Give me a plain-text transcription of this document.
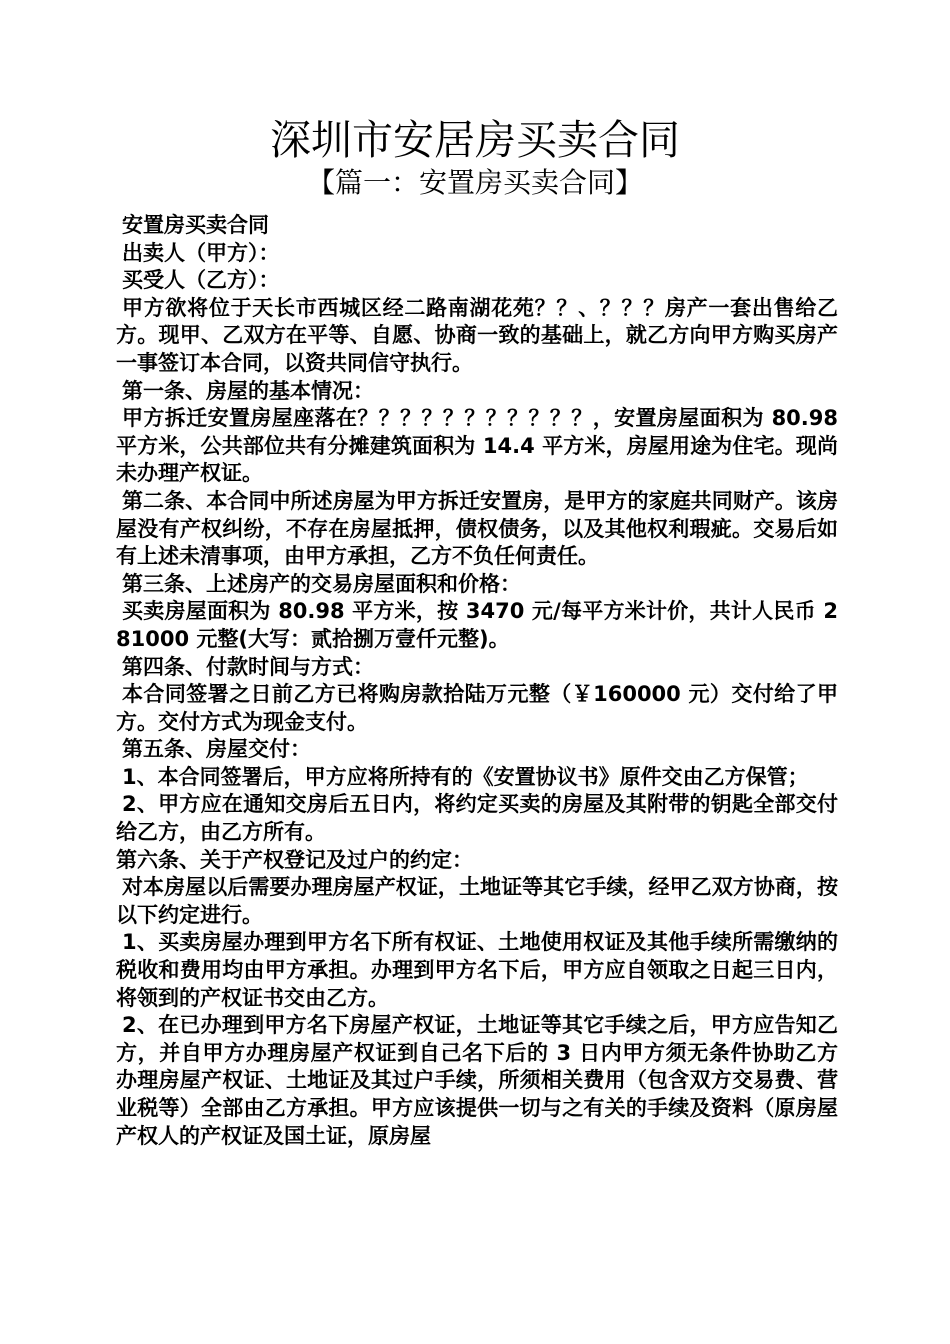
深圳市安居房买卖合同
【篇一：安置房买卖合同】

安置房买卖合同

出卖人（甲方）：

买受人（乙方）：

甲方欲将位于天长市西城区经二路南湖花苑？？、？？？房产一套出售给乙方。现甲、乙双方在平等、自愿、协商一致的基础上，就乙方向甲方购买房产一事签订本合同，以资共同信守执行。

第一条、房屋的基本情况：

甲方拆迁安置房屋座落在？？？？？？？？？？？，安置房屋面积为 80.98 平方米，公共部位共有分摊建筑面积为 14.4 平方米，房屋用途为住宅。现尚未办理产权证。

第二条、本合同中所述房屋为甲方拆迁安置房，是甲方的家庭共同财产。该房屋没有产权纠纷，不存在房屋抵押，债权债务，以及其他权利瑕疵。交易后如有上述未清事项，由甲方承担，乙方不负任何责任。

第三条、上述房产的交易房屋面积和价格：

买卖房屋面积为 80.98 平方米，按 3470 元/每平方米计价，共计人民币 281000 元整(大写：贰拾捌万壹仟元整)。

第四条、付款时间与方式：

本合同签署之日前乙方已将购房款拾陆万元整（￥160000 元）交付给了甲方。交付方式为现金支付。

第五条、房屋交付：

1、本合同签署后，甲方应将所持有的《安置协议书》原件交由乙方保管；

2、甲方应在通知交房后五日内，将约定买卖的房屋及其附带的钥匙全部交付给乙方，由乙方所有。

第六条、关于产权登记及过户的约定：

对本房屋以后需要办理房屋产权证，土地证等其它手续，经甲乙双方协商，按以下约定进行。

1、买卖房屋办理到甲方名下所有权证、土地使用权证及其他手续所需缴纳的税收和费用均由甲方承担。办理到甲方名下后，甲方应自领取之日起三日内，将领到的产权证书交由乙方。

2、在已办理到甲方名下房屋产权证，土地证等其它手续之后，甲方应告知乙方，并自甲方办理房屋产权证到自己名下后的 3 日内甲方须无条件协助乙方办理房屋产权证、土地证及其过户手续，所须相关费用（包含双方交易费、营业税等）全部由乙方承担。甲方应该提供一切与之有关的手续及资料（原房屋产权人的产权证及国土证，原房屋
